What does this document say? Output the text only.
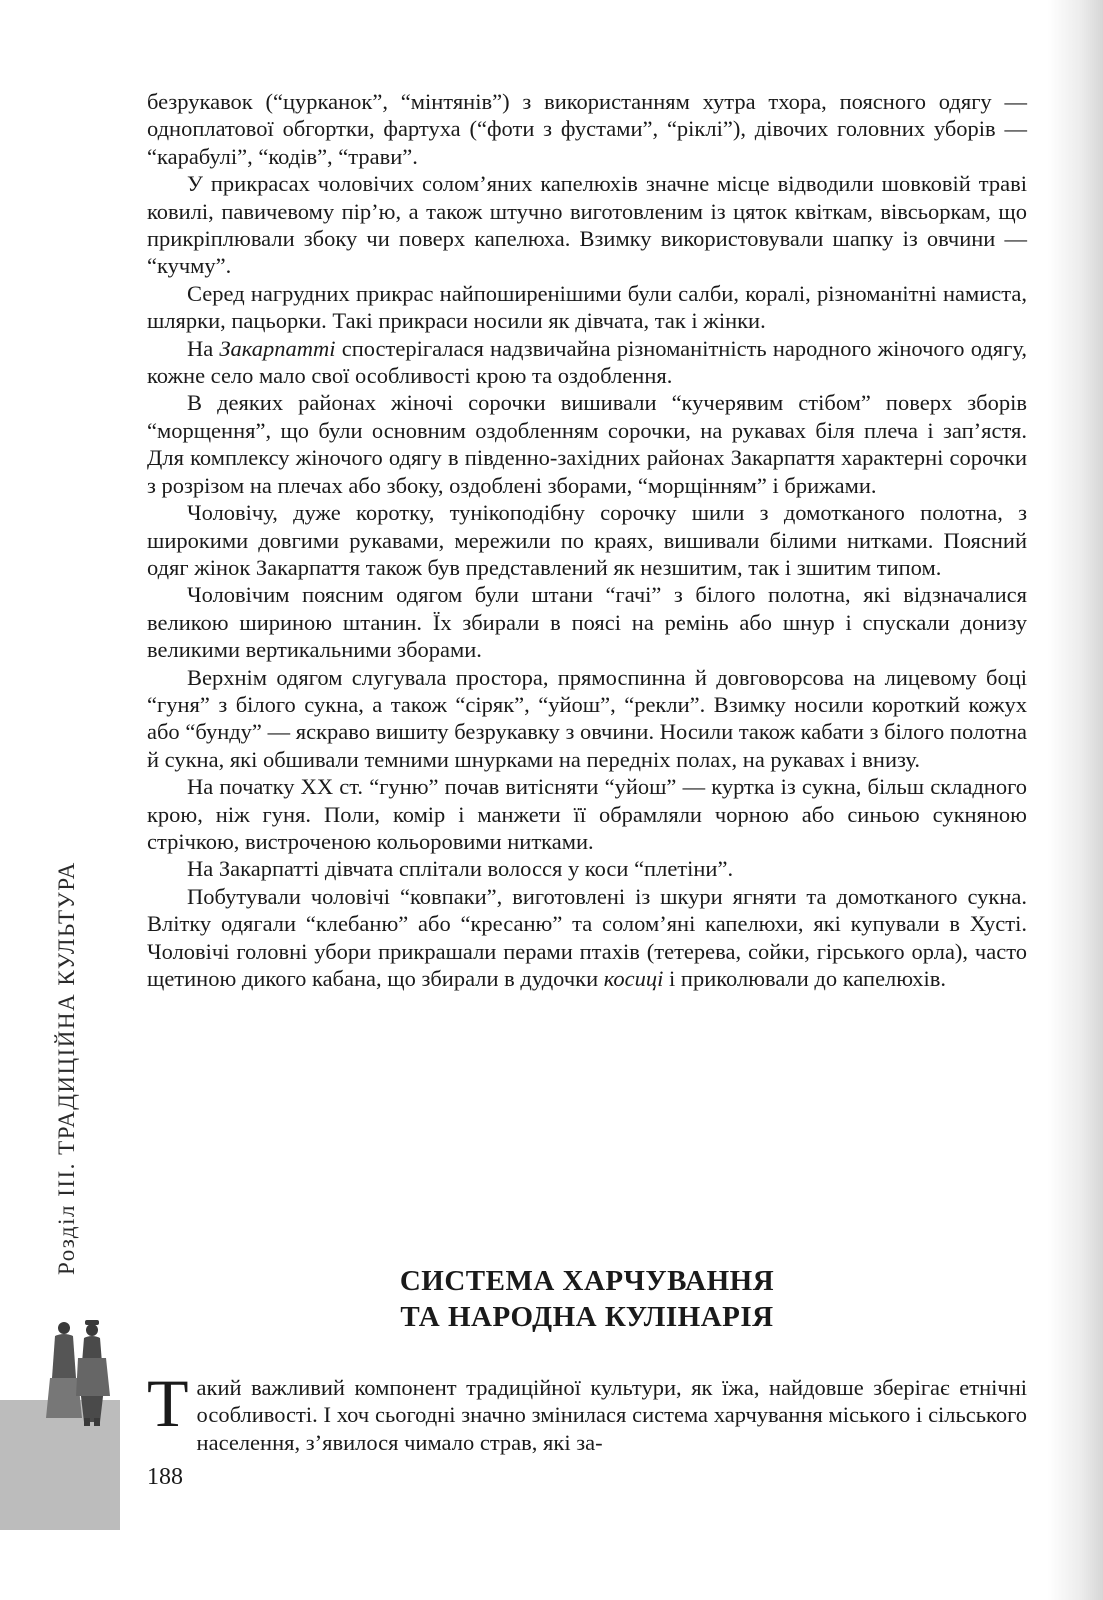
Розділ ІІІ. ТРАДИЦІЙНА КУЛЬТУРА

безрукавок (“цурканок”, “мінтянів”) з використанням хутра тхора, поясного одягу — одноплатової обгортки, фартуха (“фоти з фустами”, “ріклі”), дівочих головних уборів — “карабулі”, “кодів”, “трави”.

У прикрасах чоловічих солом’яних капелюхів значне місце відводили шовковій траві ковилі, павичевому пір’ю, а також штучно виготовленим із цяток квіткам, вівсьоркам, що прикріплювали збоку чи поверх капелюха. Взимку використовували шапку із овчини — “кучму”.

Серед нагрудних прикрас найпоширенішими були салби, коралі, різноманітні намиста, шлярки, пацьорки. Такі прикраси носили як дівчата, так і жінки.

На Закарпатті спостерігалася надзвичайна різноманітність народного жіночого одягу, кожне село мало свої особливості крою та оздоблення.

В деяких районах жіночі сорочки вишивали “кучерявим стібом” поверх зборів “морщення”, що були основним оздобленням сорочки, на рукавах біля плеча і зап’ястя. Для комплексу жіночого одягу в південно-західних районах Закарпаття характерні сорочки з розрізом на плечах або збоку, оздоблені зборами, “морщінням” і брижами.

Чоловічу, дуже коротку, тунікоподібну сорочку шили з домотканого полотна, з широкими довгими рукавами, мережили по краях, вишивали білими нитками. Поясний одяг жінок Закарпаття також був представлений як незшитим, так і зшитим типом.

Чоловічим поясним одягом були штани “гачі” з білого полотна, які відзначалися великою шириною штанин. Їх збирали в поясі на ремінь або шнур і спускали донизу великими вертикальними зборами.

Верхнім одягом слугувала простора, прямоспинна й довговорсова на лицевому боці “гуня” з білого сукна, а також “сіряк”, “уйош”, “рекли”. Взимку носили короткий кожух або “бунду” — яскраво вишиту безрукавку з овчини. Носили також кабати з білого полотна й сукна, які обшивали темними шнурками на передніх полах, на рукавах і внизу.

На початку XX ст. “гуню” почав витісняти “уйош” — куртка із сукна, більш складного крою, ніж гуня. Поли, комір і манжети її обрамляли чорною або синьою сукняною стрічкою, вистроченою кольоровими нитками.

На Закарпатті дівчата сплітали волосся у коси “плетіни”.

Побутували чоловічі “ковпаки”, виготовлені із шкури ягняти та домотканого сукна. Влітку одягали “клебаню” або “кресаню” та солом’яні капелюхи, які купували в Хусті. Чоловічі головні убори прикрашали перами птахів (тетерева, сойки, гірського орла), часто щетиною дикого кабана, що збирали в дудочки косиці і приколювали до капелюхів.

СИСТЕМА ХАРЧУВАННЯ
ТА НАРОДНА КУЛІНАРІЯ
Такий важливий компонент традиційної культури, як їжа, найдовше зберігає етнічні особливості. І хоч сьогодні значно змінилася система харчування міського і сільського населення, з’явилося чимало страв, які за-
188
